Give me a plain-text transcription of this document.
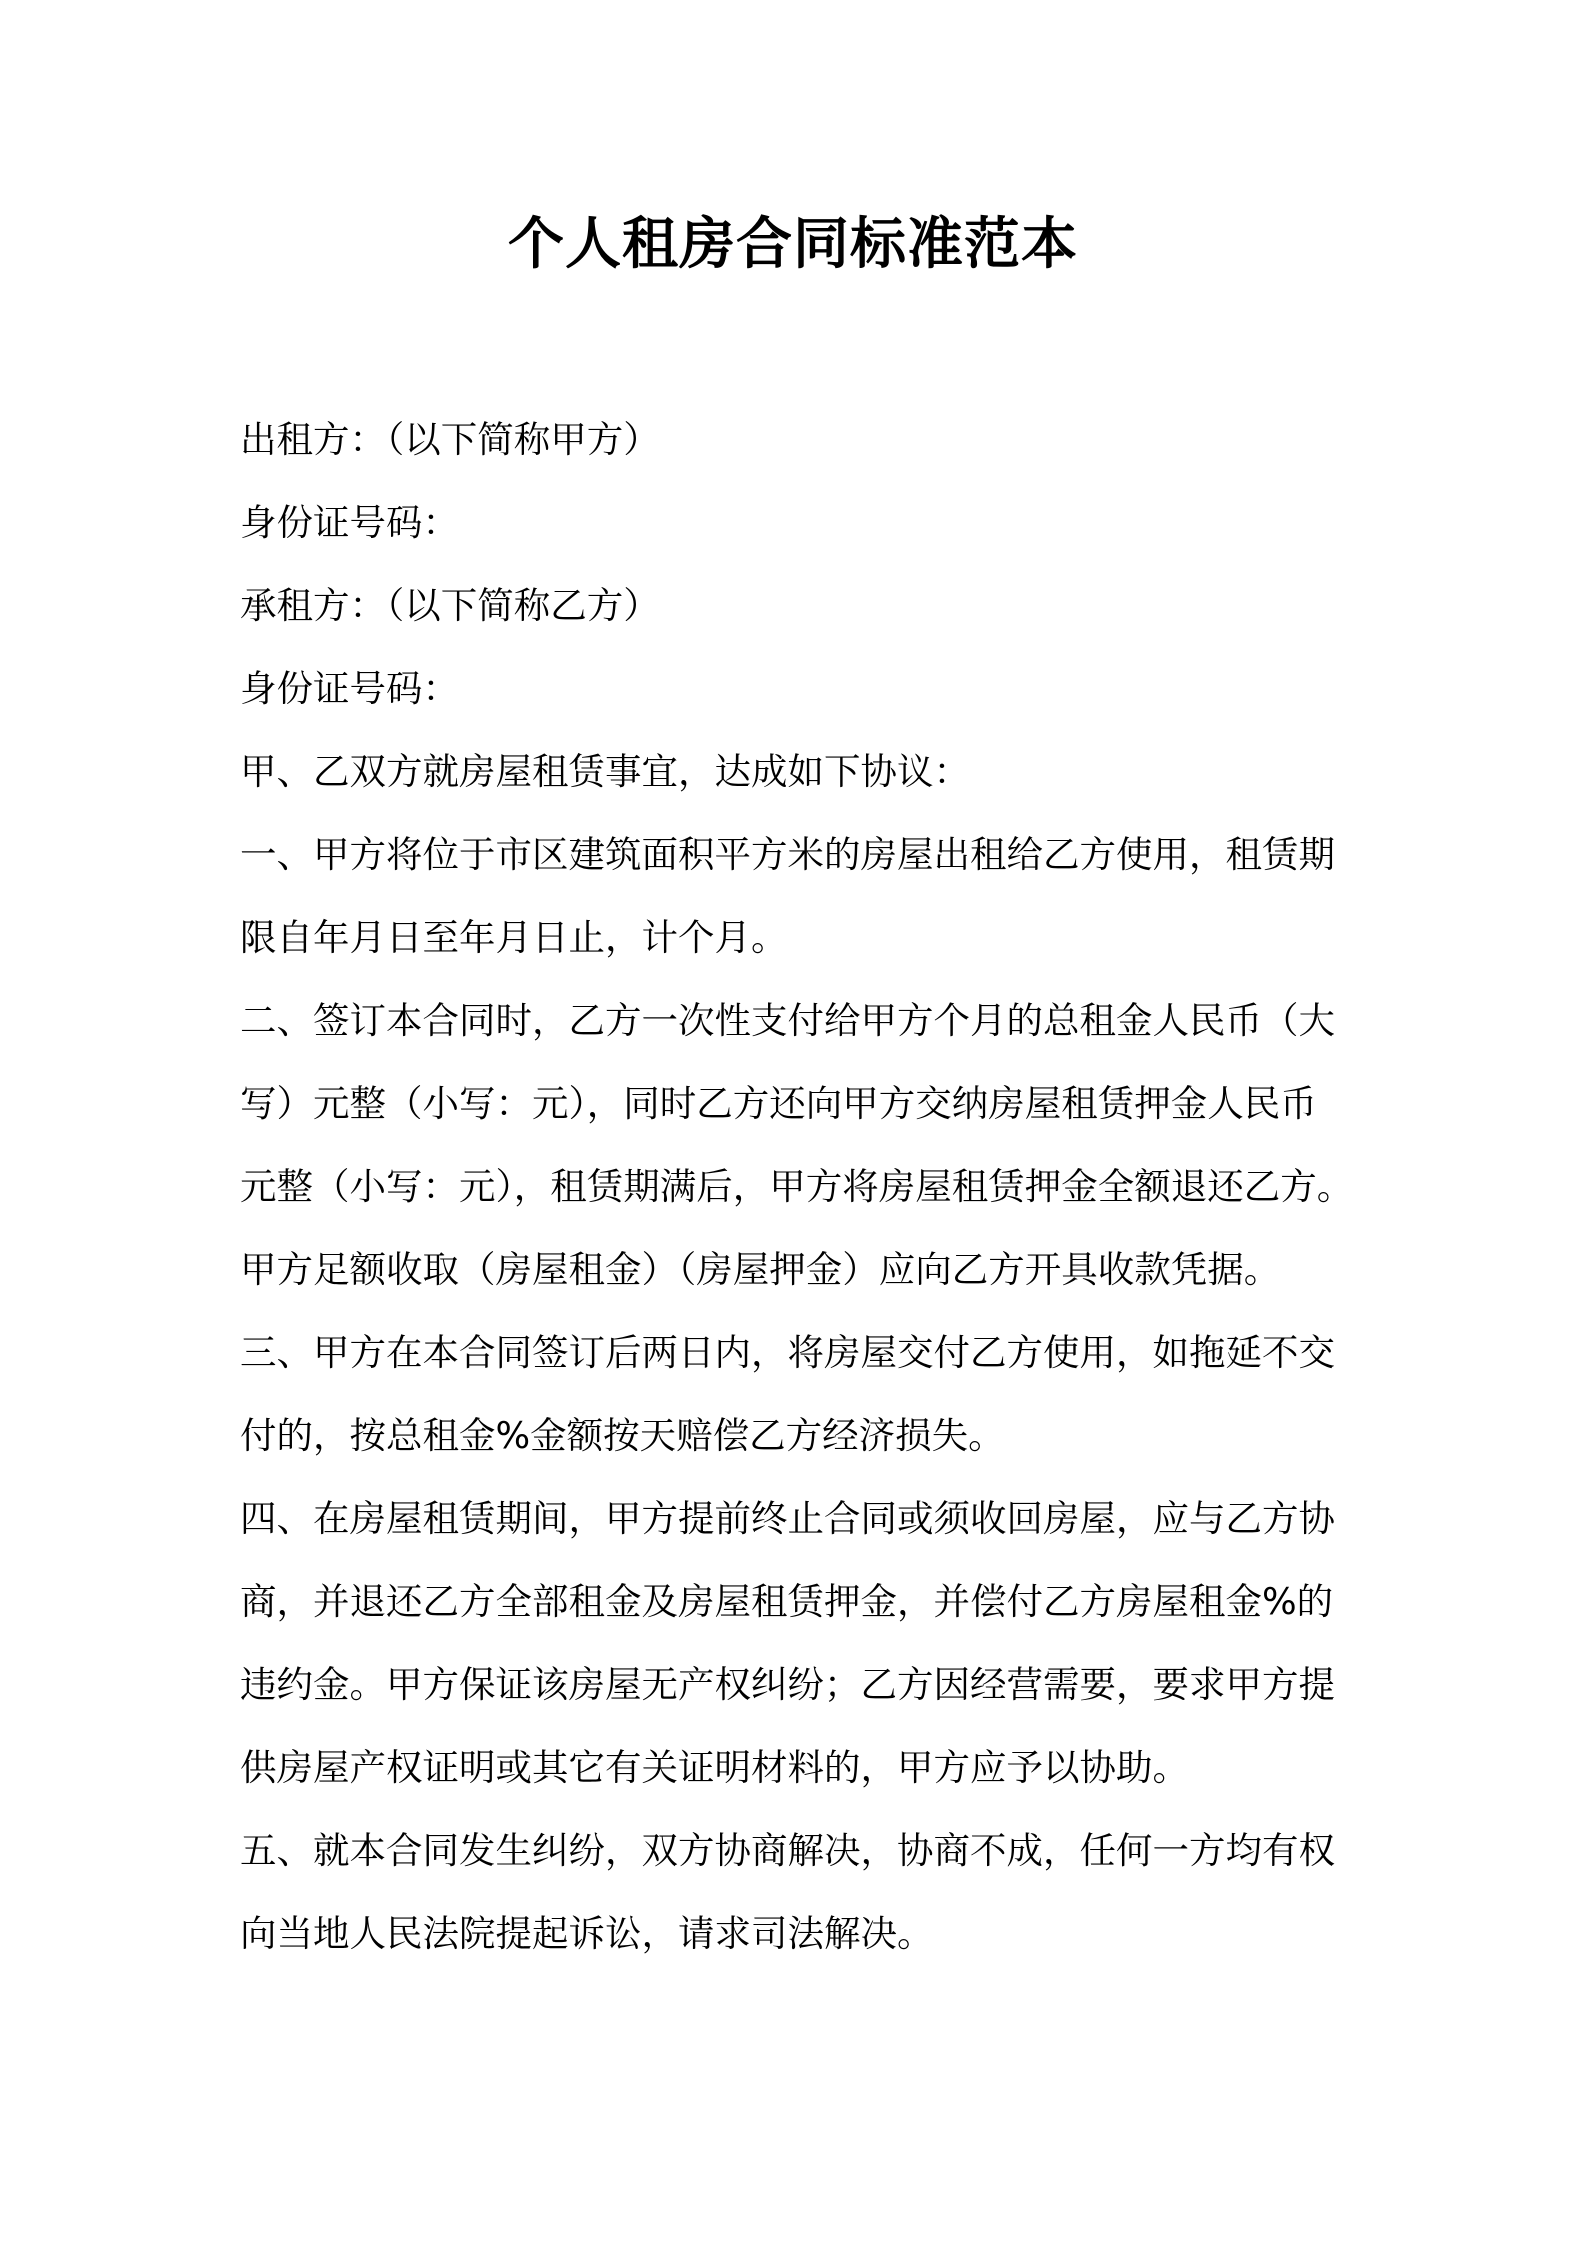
个人租房合同标准范本
出租方：（以下简称甲方）
身份证号码：
承租方：（以下简称乙方）
身份证号码：
甲、乙双方就房屋租赁事宜，达成如下协议：
一、甲方将位于市区建筑面积平方米的房屋出租给乙方使用，租赁期
限自年月日至年月日止，计个月。
二、签订本合同时，乙方一次性支付给甲方个月的总租金人民币（大
写）元整（小写：元），同时乙方还向甲方交纳房屋租赁押金人民币
元整（小写：元），租赁期满后，甲方将房屋租赁押金全额退还乙方。
甲方足额收取（房屋租金）（房屋押金）应向乙方开具收款凭据。
三、甲方在本合同签订后两日内，将房屋交付乙方使用，如拖延不交
付的，按总租金%金额按天赔偿乙方经济损失。
四、在房屋租赁期间，甲方提前终止合同或须收回房屋，应与乙方协
商，并退还乙方全部租金及房屋租赁押金，并偿付乙方房屋租金%的
违约金。甲方保证该房屋无产权纠纷；乙方因经营需要，要求甲方提
供房屋产权证明或其它有关证明材料的，甲方应予以协助。
五、就本合同发生纠纷，双方协商解决，协商不成，任何一方均有权
向当地人民法院提起诉讼，请求司法解决。
